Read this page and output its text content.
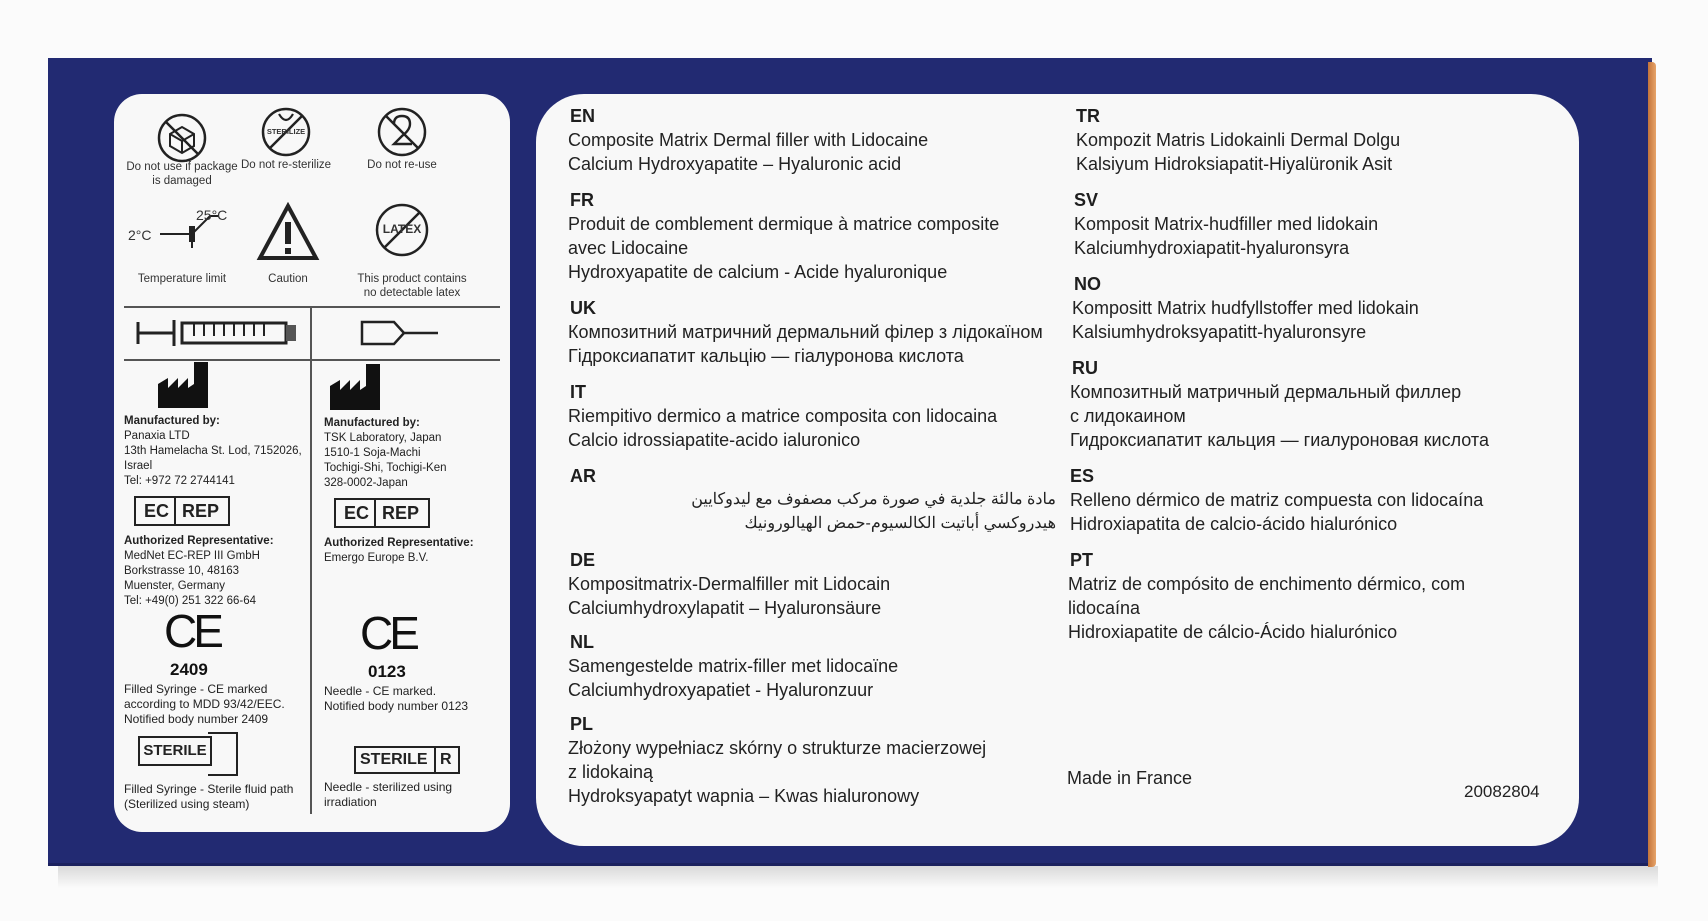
Do not use if package is damaged
STERILIZE
Do not re-sterilize	Do not re-use
25°C
2°C
Temperature limit	Caution
LATEX
This product contains no detectable latex
Manufactured by:
Panaxia LTD
13th Hamelacha St. Lod, 7152026,
Israel
Tel: +972 72 2744141
EC REP
Authorized Representative:
MedNet EC-REP III GmbH
Borkstrasse 10, 48163
Muenster, Germany
Tel: +49(0) 251 322 66-64
CE
2409
Filled Syringe - CE marked
according to MDD 93/42/EEC.
Notified body number 2409
STERILE
Filled Syringe - Sterile fluid path
(Sterilized using steam)
Manufactured by:
TSK Laboratory, Japan
1510-1 Soja-Machi
Tochigi-Shi, Tochigi-Ken
328-0002-Japan
EC REP
Authorized Representative:
Emergo Europe B.V.
CE
0123
Needle - CE marked.
Notified body number 0123
STERILE R
Needle - sterilized using
irradiation
EN
Composite Matrix Dermal filler with Lidocaine
Calcium Hydroxyapatite – Hyaluronic acid
FR
Produit de comblement dermique à matrice composite
avec Lidocaine
Hydroxyapatite de calcium - Acide hyaluronique
UK
Композитний матричний дермальний філер з лідокаїном
Гідроксиапатит кальцію — гіалуронова кислота
IT
Riempitivo dermico a matrice composita con lidocaina
Calcio idrossiapatite-acido ialuronico
AR
مادة مالئة جلدية في صورة مركب مصفوف مع ليدوكايين
هيدروكسي أباتيت الكالسيوم-حمض الهيالورونيك
DE
Kompositmatrix-Dermalfiller mit Lidocain
Calciumhydroxylapatit – Hyaluronsäure
NL
Samengestelde matrix-filler met lidocaïne
Calciumhydroxyapatiet - Hyaluronzuur
PL
Złożony wypełniacz skórny o strukturze macierzowej
z lidokainą
Hydroksyapatyt wapnia – Kwas hialuronowy
TR
Kompozit Matris Lidokainli Dermal Dolgu
Kalsiyum Hidroksiapatit-Hiyalüronik Asit
SV
Komposit Matrix-hudfiller med lidokain
Kalciumhydroxiapatit-hyaluronsyra
NO
Kompositt Matrix hudfyllstoffer med lidokain
Kalsiumhydroksyapatitt-hyaluronsyre
RU
Композитный матричный дермальный филлер
с лидокаином
Гидроксиапатит кальция — гиалуроновая кислота
ES
Relleno dérmico de matriz compuesta con lidocaína
Hidroxiapatita de calcio-ácido hialurónico
PT
Matriz de compósito de enchimento dérmico, com
lidocaína
Hidroxiapatite de cálcio-Ácido hialurónico
Made in France
20082804
